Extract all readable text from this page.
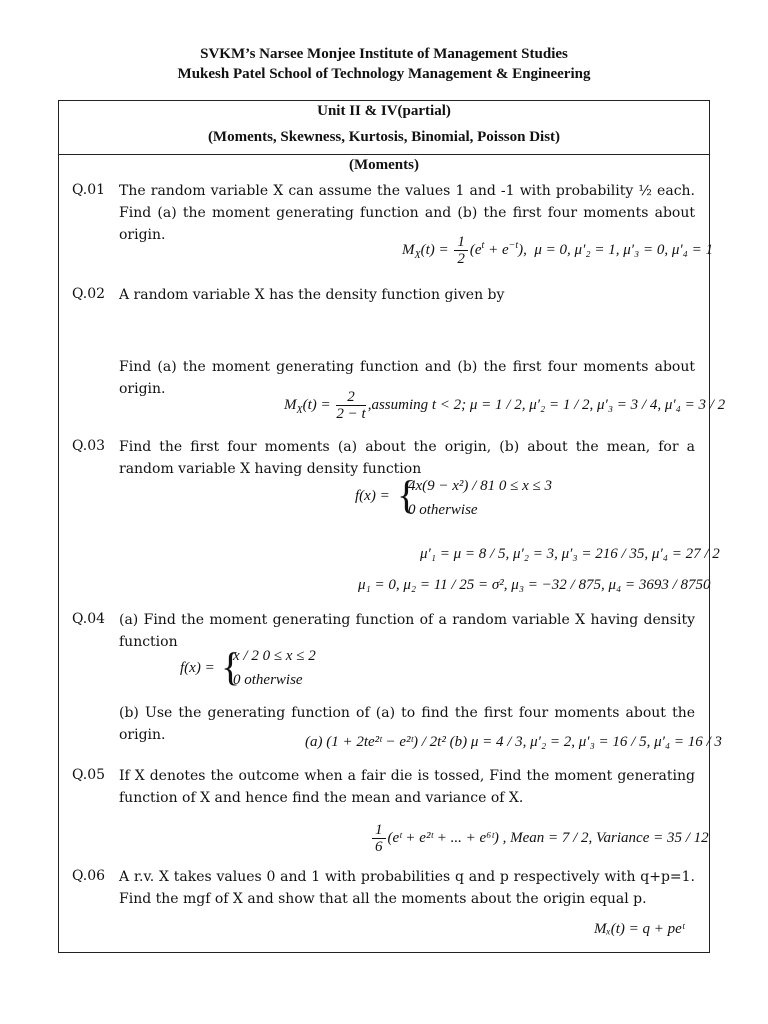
SVKM’s Narsee Monjee Institute of Management Studies
Mukesh Patel School of Technology Management & Engineering
Unit II & IV(partial)
(Moments, Skewness, Kurtosis, Binomial, Poisson Dist)
(Moments)
Q.01 The random variable X can assume the values 1 and -1 with probability ½ each. Find (a) the moment generating function and (b) the first four moments about origin.
$M_X(t) = \frac{1}{2} (e^t + e^{-t})$,  μ = 0, μ′₂ = 1, μ′₃ = 0, μ′₄ = 1
Q.02 A random variable X has the density function given by
Find (a) the moment generating function and (b) the first four moments about origin.
$M_X(t) = \frac{2}{2 - t}$ ,assuming t < 2; μ = 1 / 2, μ′₂ = 1 / 2, μ′₃ = 3 / 4, μ′₄ = 3 / 2
Q.03 Find the first four moments (a) about the origin, (b) about the mean, for a random variable X having density function
f(x) = {
4x(9 − x²) / 81 0 ≤ x ≤ 3
0 otherwise
μ′₁ = μ = 8 / 5, μ′₂ = 3, μ′₃ = 216 / 35, μ′₄ = 27 / 2
μ₁ = 0, μ₂ = 11 / 25 = σ², μ₃ = −32 / 875, μ₄ = 3693 / 8750
Q.04 (a) Find the moment generating function of a random variable X having density function
f(x) = {
x / 2 0 ≤ x ≤ 2
0 otherwise
(b) Use the generating function of (a) to find the first four moments about the origin.	(a) (1 + 2te²ᵗ − e²ᵗ) / 2t² (b) μ = 4 / 3, μ′₂ = 2, μ′₃ = 16 / 5, μ′₄ = 16 / 3
Q.05 If X denotes the outcome when a fair die is tossed, Find the moment generating function of X and hence find the mean and variance of X.
$\frac{1}{6}$ (eᵗ + e²ᵗ + ... + e⁶ᵗ) , Mean = 7 / 2, Variance = 35 / 12
Q.06 A r.v. X takes values 0 and 1 with probabilities q and p respectively with q+p=1. Find the mgf of X and show that all the moments about the origin equal p.
Mₓ(t) = q + peᵗ
